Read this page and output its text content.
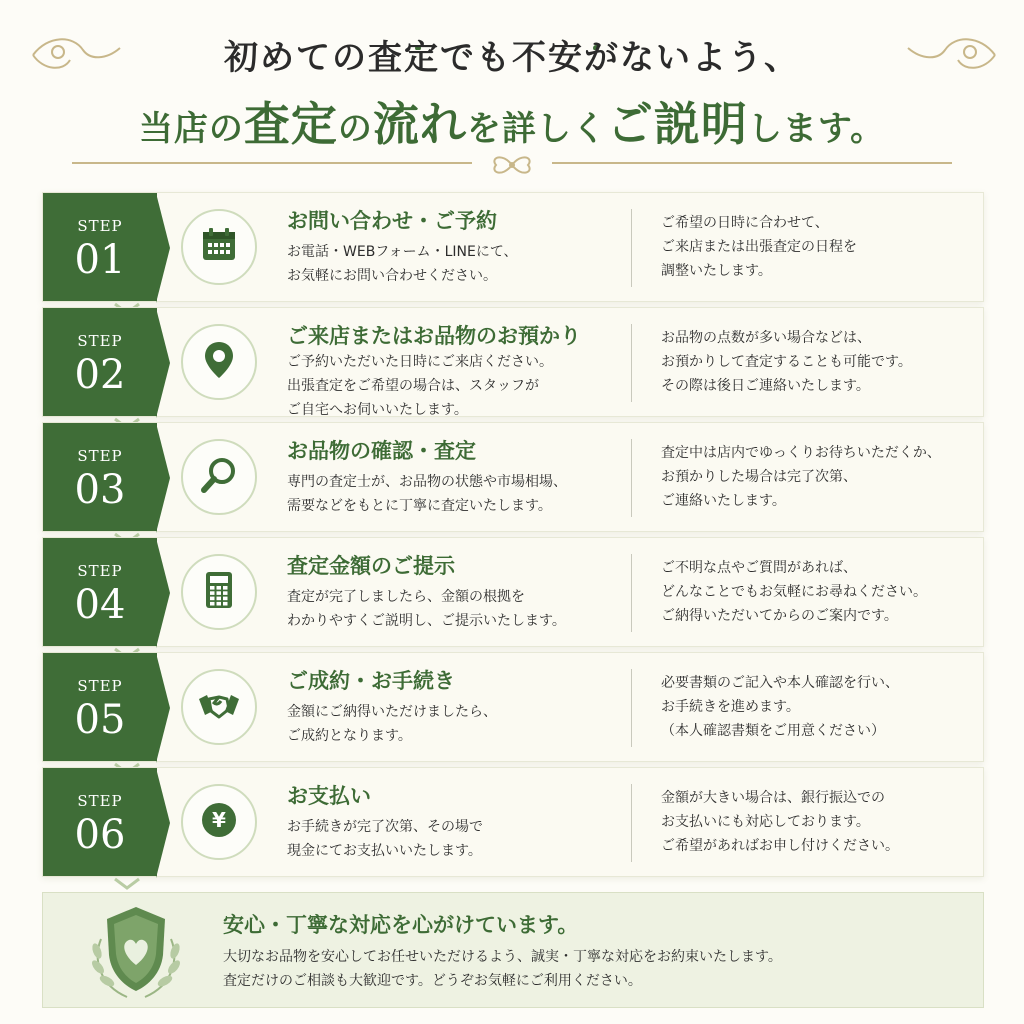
初めての査定でも不安がないよう、
当店の査定の流れを詳しくご説明します。
STEP
01
お問い合わせ・ご予約
お電話・WEBフォーム・LINEにて、
お気軽にお問い合わせください。
ご希望の日時に合わせて、
ご来店または出張査定の日程を
調整いたします。
STEP
02
ご来店またはお品物のお預かり
ご予約いただいた日時にご来店ください。
出張査定をご希望の場合は、スタッフが
ご自宅へお伺いいたします。
お品物の点数が多い場合などは、
お預かりして査定することも可能です。
その際は後日ご連絡いたします。
STEP
03
お品物の確認・査定
専門の査定士が、お品物の状態や市場相場、
需要などをもとに丁寧に査定いたします。
査定中は店内でゆっくりお待ちいただくか、
お預かりした場合は完了次第、
ご連絡いたします。
STEP
04
査定金額のご提示
査定が完了しましたら、金額の根拠を
わかりやすくご説明し、ご提示いたします。
ご不明な点やご質問があれば、
どんなことでもお気軽にお尋ねください。
ご納得いただいてからのご案内です。
STEP
05
ご成約・お手続き
金額にご納得いただけましたら、
ご成約となります。
必要書類のご記入や本人確認を行い、
お手続きを進めます。
（本人確認書類をご用意ください）
STEP
06	¥
お支払い
お手続きが完了次第、その場で
現金にてお支払いいたします。
金額が大きい場合は、銀行振込での
お支払いにも対応しております。
ご希望があればお申し付けください。
安心・丁寧な対応を心がけています。
大切なお品物を安心してお任せいただけるよう、誠実・丁寧な対応をお約束いたします。
査定だけのご相談も大歓迎です。どうぞお気軽にご利用ください。
